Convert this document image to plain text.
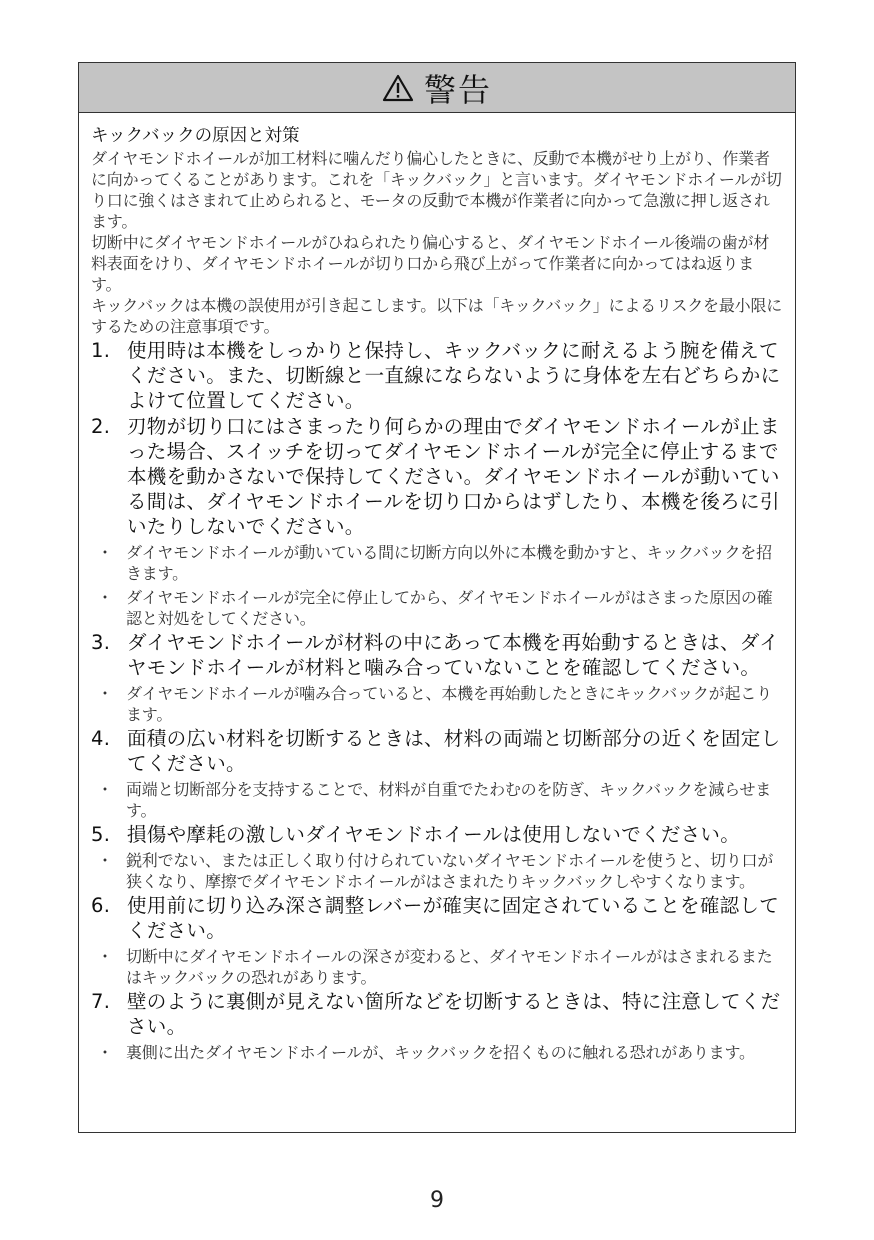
警告
キックバックの原因と対策

ダイヤモンドホイールが加工材料に噛んだり偏心したときに、反動で本機がせり上がり、作業者に向かってくることがあります。これを「キックバック」と言います。ダイヤモンドホイールが切り口に強くはさまれて止められると、モータの反動で本機が作業者に向かって急激に押し返されます。

切断中にダイヤモンドホイールがひねられたり偏心すると、ダイヤモンドホイール後端の歯が材料表面をけり、ダイヤモンドホイールが切り口から飛び上がって作業者に向かってはね返ります。

キックバックは本機の誤使用が引き起こします。以下は「キックバック」によるリスクを最小限にするための注意事項です。

1. 使用時は本機をしっかりと保持し、キックバックに耐えるよう腕を備えてください。また、切断線と一直線にならないように身体を左右どちらかによけて位置してください。
2. 刃物が切り口にはさまったり何らかの理由でダイヤモンドホイールが止まった場合、スイッチを切ってダイヤモンドホイールが完全に停止するまで本機を動かさないで保持してください。ダイヤモンドホイールが動いている間は、ダイヤモンドホイールを切り口からはずしたり、本機を後ろに引いたりしないでください。
・ ダイヤモンドホイールが動いている間に切断方向以外に本機を動かすと、キックバックを招きます。
・ ダイヤモンドホイールが完全に停止してから、ダイヤモンドホイールがはさまった原因の確認と対処をしてください。
3. ダイヤモンドホイールが材料の中にあって本機を再始動するときは、ダイヤモンドホイールが材料と噛み合っていないことを確認してください。
・ ダイヤモンドホイールが噛み合っていると、本機を再始動したときにキックバックが起こります。
4. 面積の広い材料を切断するときは、材料の両端と切断部分の近くを固定してください。
・ 両端と切断部分を支持することで、材料が自重でたわむのを防ぎ、キックバックを減らせます。
5. 損傷や摩耗の激しいダイヤモンドホイールは使用しないでください。
・ 鋭利でない、または正しく取り付けられていないダイヤモンドホイールを使うと、切り口が狭くなり、摩擦でダイヤモンドホイールがはさまれたりキックバックしやすくなります。
6. 使用前に切り込み深さ調整レバーが確実に固定されていることを確認してください。
・ 切断中にダイヤモンドホイールの深さが変わると、ダイヤモンドホイールがはさまれるまたはキックバックの恐れがあります。
7. 壁のように裏側が見えない箇所などを切断するときは、特に注意してください。
・ 裏側に出たダイヤモンドホイールが、キックバックを招くものに触れる恐れがあります。
9
